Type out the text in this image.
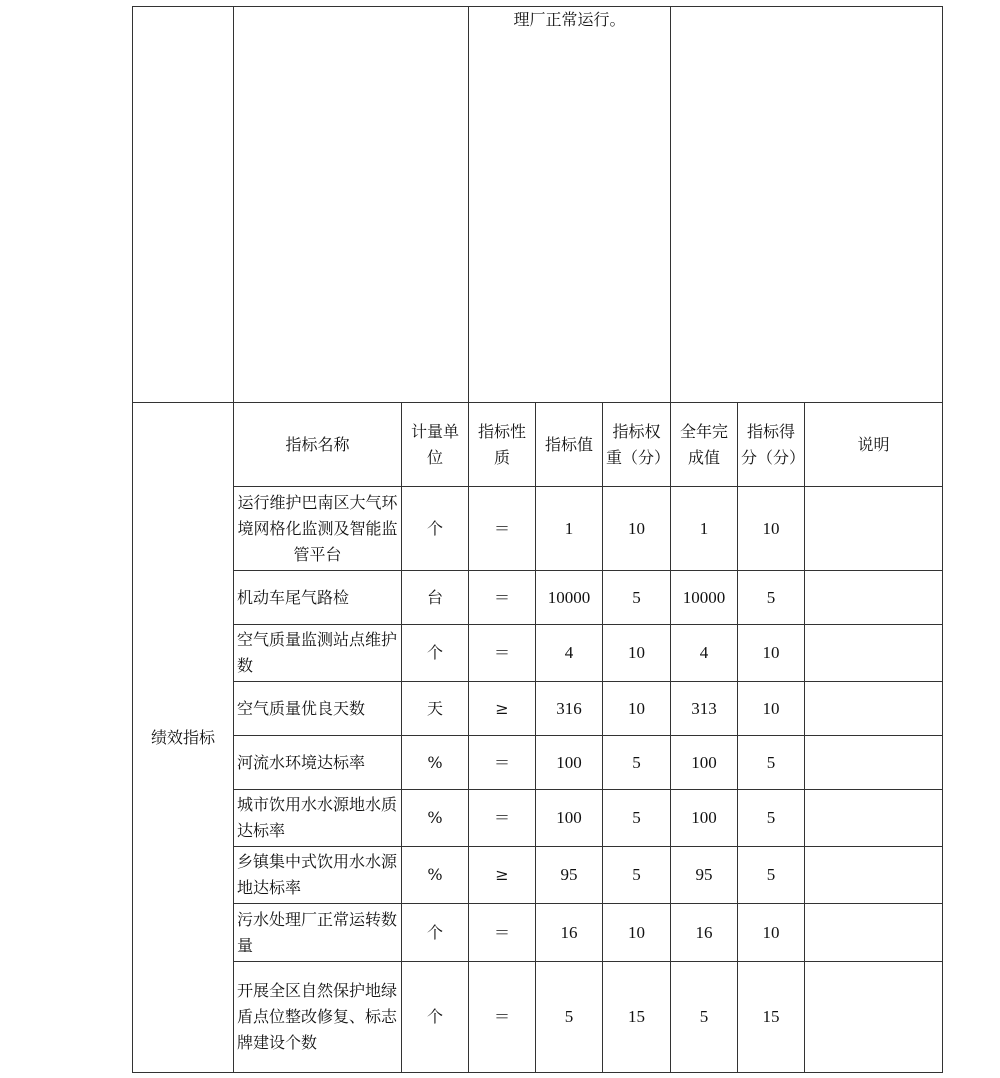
			理厂正常运行。					
绩效指标	指标名称	计量单位	指标性质	指标值	指标权重（分）	全年完成值	指标得分（分）	说明
	运行维护巴南区大气环境网格化监测及智能监管平台	个	＝	1	10	1	10	
	机动车尾气路检	台	＝	10000	5	10000	5	
	空气质量监测站点维护数	个	＝	4	10	4	10	
	空气质量优良天数	天	≥	316	10	313	10	
	河流水环境达标率	%	＝	100	5	100	5	
	城市饮用水水源地水质达标率	%	＝	100	5	100	5	
	乡镇集中式饮用水水源地达标率	%	≥	95	5	95	5	
	污水处理厂正常运转数量	个	＝	16	10	16	10	
	开展全区自然保护地绿盾点位整改修复、标志牌建设个数	个	＝	5	15	5	15	
